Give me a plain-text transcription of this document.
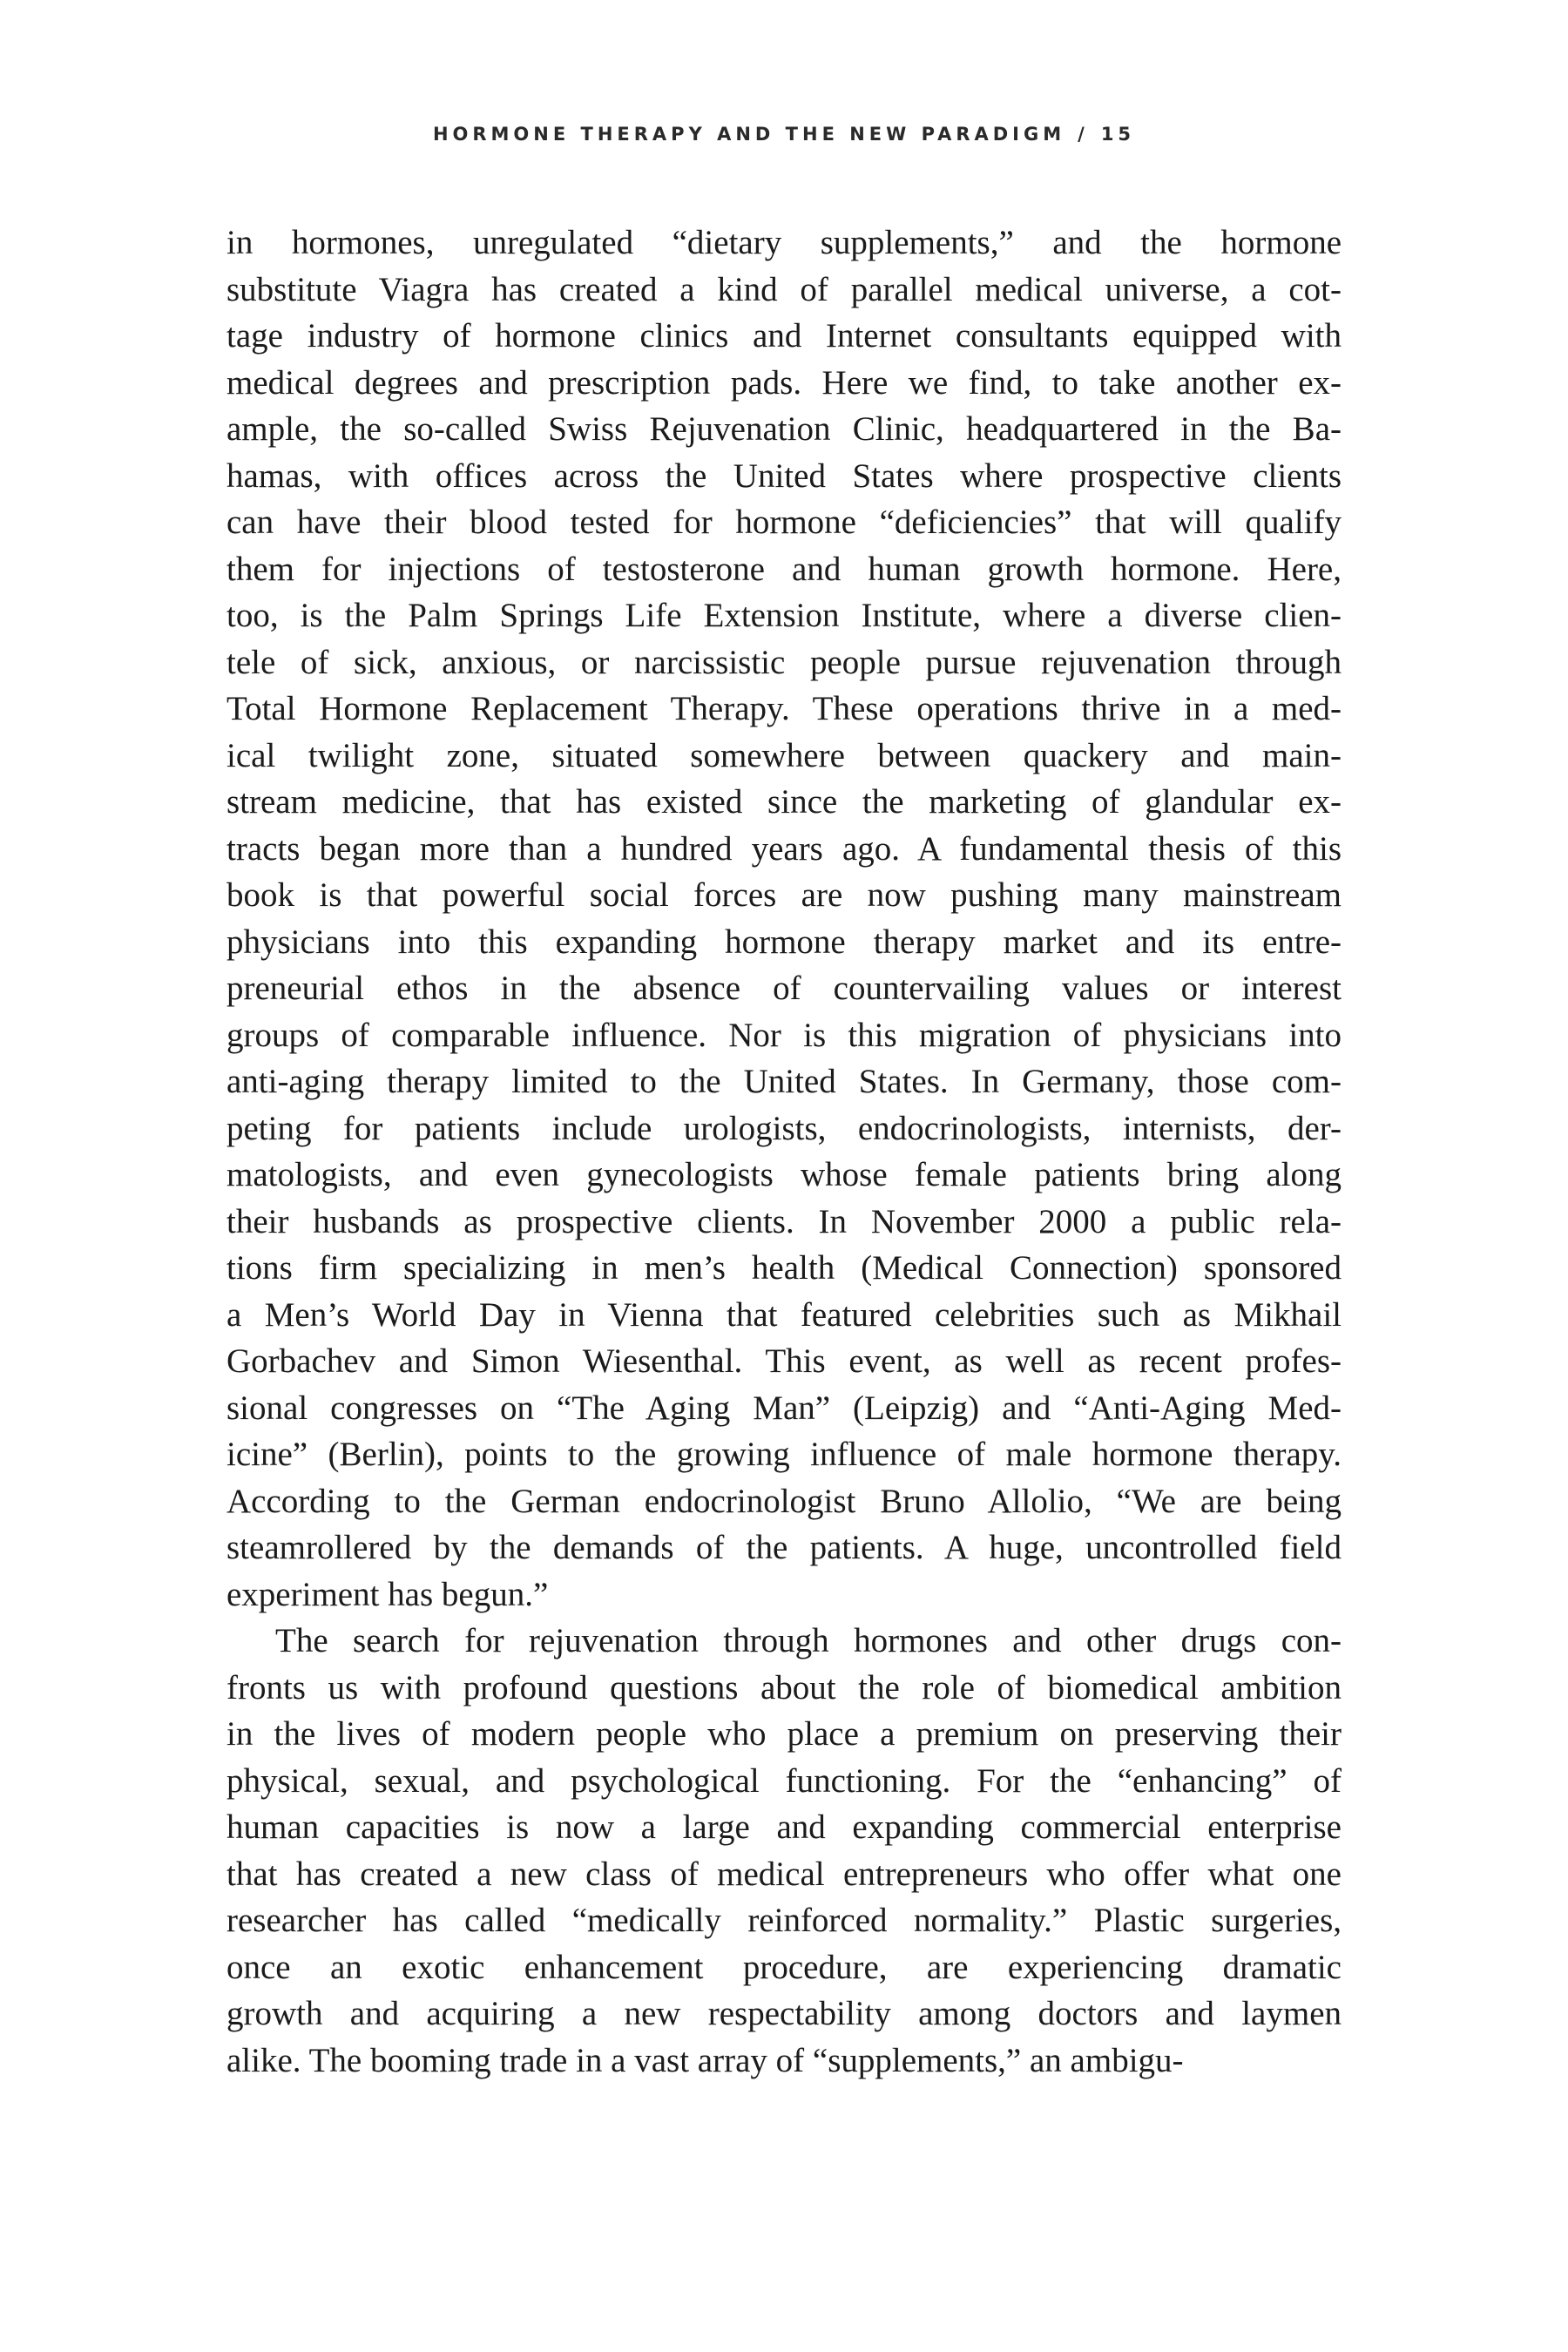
HORMONE THERAPY AND THE NEW PARADIGM / 15
in hormones, unregulated “dietary supplements,” and the hormone
substitute Viagra has created a kind of parallel medical universe, a cot-
tage industry of hormone clinics and Internet consultants equipped with
medical degrees and prescription pads. Here we find, to take another ex-
ample, the so-called Swiss Rejuvenation Clinic, headquartered in the Ba-
hamas, with offices across the United States where prospective clients
can have their blood tested for hormone “deficiencies” that will qualify
them for injections of testosterone and human growth hormone. Here,
too, is the Palm Springs Life Extension Institute, where a diverse clien-
tele of sick, anxious, or narcissistic people pursue rejuvenation through
Total Hormone Replacement Therapy. These operations thrive in a med-
ical twilight zone, situated somewhere between quackery and main-
stream medicine, that has existed since the marketing of glandular ex-
tracts began more than a hundred years ago. A fundamental thesis of this
book is that powerful social forces are now pushing many mainstream
physicians into this expanding hormone therapy market and its entre-
preneurial ethos in the absence of countervailing values or interest
groups of comparable influence. Nor is this migration of physicians into
anti-aging therapy limited to the United States. In Germany, those com-
peting for patients include urologists, endocrinologists, internists, der-
matologists, and even gynecologists whose female patients bring along
their husbands as prospective clients. In November 2000 a public rela-
tions firm specializing in men’s health (Medical Connection) sponsored
a Men’s World Day in Vienna that featured celebrities such as Mikhail
Gorbachev and Simon Wiesenthal. This event, as well as recent profes-
sional congresses on “The Aging Man” (Leipzig) and “Anti-Aging Med-
icine” (Berlin), points to the growing influence of male hormone therapy.
According to the German endocrinologist Bruno Allolio, “We are being
steamrollered by the demands of the patients. A huge, uncontrolled field
experiment has begun.”
The search for rejuvenation through hormones and other drugs con-
fronts us with profound questions about the role of biomedical ambition
in the lives of modern people who place a premium on preserving their
physical, sexual, and psychological functioning. For the “enhancing” of
human capacities is now a large and expanding commercial enterprise
that has created a new class of medical entrepreneurs who offer what one
researcher has called “medically reinforced normality.” Plastic surgeries,
once an exotic enhancement procedure, are experiencing dramatic
growth and acquiring a new respectability among doctors and laymen
alike. The booming trade in a vast array of “supplements,” an ambigu-
